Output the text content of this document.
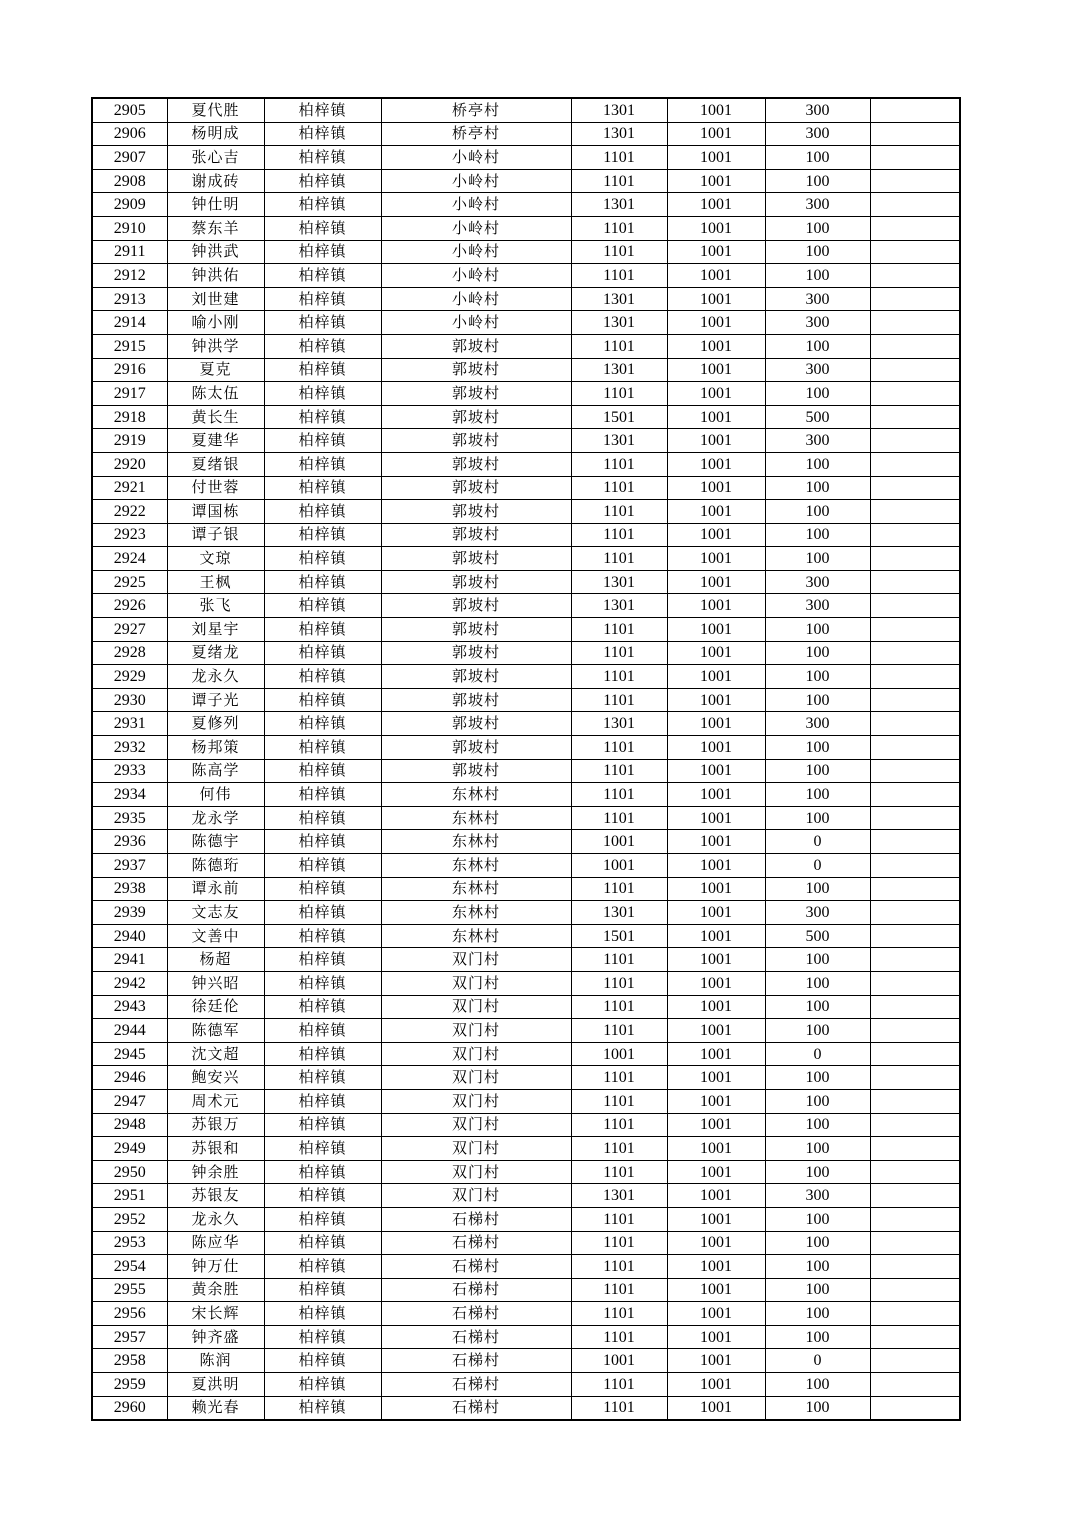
2905	夏代胜	柏梓镇	桥亭村	1301	1001	300	
2906	杨明成	柏梓镇	桥亭村	1301	1001	300	
2907	张心吉	柏梓镇	小岭村	1101	1001	100	
2908	谢成砖	柏梓镇	小岭村	1101	1001	100	
2909	钟仕明	柏梓镇	小岭村	1301	1001	300	
2910	蔡东羊	柏梓镇	小岭村	1101	1001	100	
2911	钟洪武	柏梓镇	小岭村	1101	1001	100	
2912	钟洪佑	柏梓镇	小岭村	1101	1001	100	
2913	刘世建	柏梓镇	小岭村	1301	1001	300	
2914	喻小刚	柏梓镇	小岭村	1301	1001	300	
2915	钟洪学	柏梓镇	郭坡村	1101	1001	100	
2916	夏克	柏梓镇	郭坡村	1301	1001	300	
2917	陈太伍	柏梓镇	郭坡村	1101	1001	100	
2918	黄长生	柏梓镇	郭坡村	1501	1001	500	
2919	夏建华	柏梓镇	郭坡村	1301	1001	300	
2920	夏绪银	柏梓镇	郭坡村	1101	1001	100	
2921	付世蓉	柏梓镇	郭坡村	1101	1001	100	
2922	谭国栋	柏梓镇	郭坡村	1101	1001	100	
2923	谭子银	柏梓镇	郭坡村	1101	1001	100	
2924	文琼	柏梓镇	郭坡村	1101	1001	100	
2925	王枫	柏梓镇	郭坡村	1301	1001	300	
2926	张飞	柏梓镇	郭坡村	1301	1001	300	
2927	刘星宇	柏梓镇	郭坡村	1101	1001	100	
2928	夏绪龙	柏梓镇	郭坡村	1101	1001	100	
2929	龙永久	柏梓镇	郭坡村	1101	1001	100	
2930	谭子光	柏梓镇	郭坡村	1101	1001	100	
2931	夏修列	柏梓镇	郭坡村	1301	1001	300	
2932	杨邦策	柏梓镇	郭坡村	1101	1001	100	
2933	陈高学	柏梓镇	郭坡村	1101	1001	100	
2934	何伟	柏梓镇	东林村	1101	1001	100	
2935	龙永学	柏梓镇	东林村	1101	1001	100	
2936	陈德宇	柏梓镇	东林村	1001	1001	0	
2937	陈德珩	柏梓镇	东林村	1001	1001	0	
2938	谭永前	柏梓镇	东林村	1101	1001	100	
2939	文志友	柏梓镇	东林村	1301	1001	300	
2940	文善中	柏梓镇	东林村	1501	1001	500	
2941	杨超	柏梓镇	双门村	1101	1001	100	
2942	钟兴昭	柏梓镇	双门村	1101	1001	100	
2943	徐廷伦	柏梓镇	双门村	1101	1001	100	
2944	陈德军	柏梓镇	双门村	1101	1001	100	
2945	沈文超	柏梓镇	双门村	1001	1001	0	
2946	鲍安兴	柏梓镇	双门村	1101	1001	100	
2947	周术元	柏梓镇	双门村	1101	1001	100	
2948	苏银万	柏梓镇	双门村	1101	1001	100	
2949	苏银和	柏梓镇	双门村	1101	1001	100	
2950	钟余胜	柏梓镇	双门村	1101	1001	100	
2951	苏银友	柏梓镇	双门村	1301	1001	300	
2952	龙永久	柏梓镇	石梯村	1101	1001	100	
2953	陈应华	柏梓镇	石梯村	1101	1001	100	
2954	钟万仕	柏梓镇	石梯村	1101	1001	100	
2955	黄余胜	柏梓镇	石梯村	1101	1001	100	
2956	宋长辉	柏梓镇	石梯村	1101	1001	100	
2957	钟齐盛	柏梓镇	石梯村	1101	1001	100	
2958	陈润	柏梓镇	石梯村	1001	1001	0	
2959	夏洪明	柏梓镇	石梯村	1101	1001	100	
2960	赖光春	柏梓镇	石梯村	1101	1001	100	
